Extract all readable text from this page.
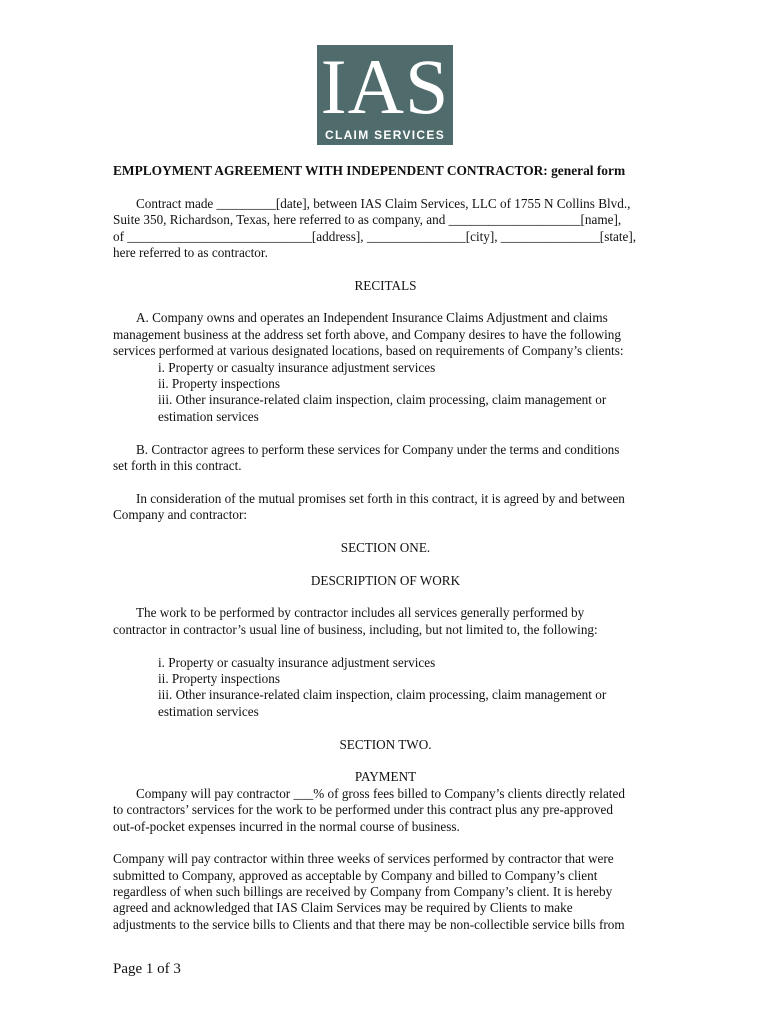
IAS
CLAIM SERVICES
EMPLOYMENT AGREEMENT WITH INDEPENDENT CONTRACTOR: general form
Contract made _________[date], between IAS Claim Services, LLC of 1755 N Collins Blvd.,
Suite 350, Richardson, Texas, here referred to as company, and ____________________[name],
of ____________________________[address], _______________[city], _______________[state],
here referred to as contractor.
RECITALS
A. Company owns and operates an Independent Insurance Claims Adjustment and claims
management business at the address set forth above, and Company desires to have the following
services performed at various designated locations, based on requirements of Company’s clients:
i. Property or casualty insurance adjustment services
ii. Property inspections
iii. Other insurance-related claim inspection, claim processing, claim management or
estimation services
B. Contractor agrees to perform these services for Company under the terms and conditions
set forth in this contract.
In consideration of the mutual promises set forth in this contract, it is agreed by and between
Company and contractor:
SECTION ONE.
DESCRIPTION OF WORK
The work to be performed by contractor includes all services generally performed by
contractor in contractor’s usual line of business, including, but not limited to, the following:
i. Property or casualty insurance adjustment services
ii. Property inspections
iii. Other insurance-related claim inspection, claim processing, claim management or
estimation services
SECTION TWO.
PAYMENT
Company will pay contractor ___% of gross fees billed to Company’s clients directly related
to contractors’ services for the work to be performed under this contract plus any pre-approved
out-of-pocket expenses incurred in the normal course of business.
Company will pay contractor within three weeks of services performed by contractor that were
submitted to Company, approved as acceptable by Company and billed to Company’s client
regardless of when such billings are received by Company from Company’s client. It is hereby
agreed and acknowledged that IAS Claim Services may be required by Clients to make
adjustments to the service bills to Clients and that there may be non-collectible service bills from
Page 1 of 3
